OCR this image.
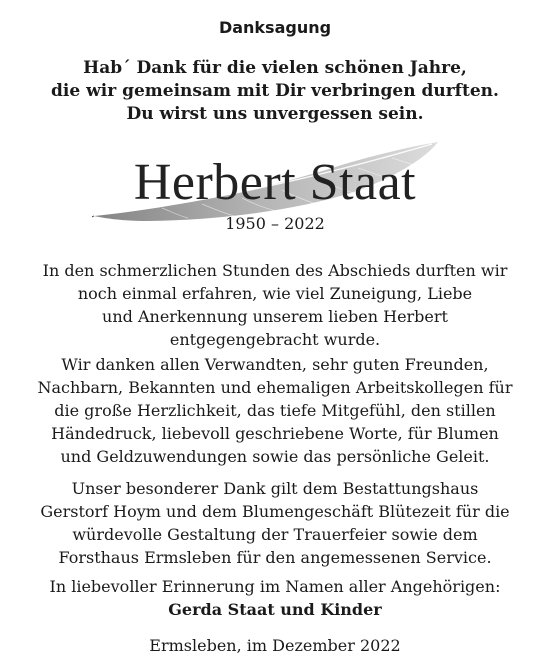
Danksagung
Hab´ Dank für die vielen schönen Jahre,
die wir gemeinsam mit Dir verbringen durften.
Du wirst uns unvergessen sein.
Herbert Staat
1950 – 2022
In den schmerzlichen Stunden des Abschieds durften wir
noch einmal erfahren, wie viel Zuneigung, Liebe
und Anerkennung unserem lieben Herbert
entgegengebracht wurde.
Wir danken allen Verwandten, sehr guten Freunden,
Nachbarn, Bekannten und ehemaligen Arbeitskollegen für
die große Herzlichkeit, das tiefe Mitgefühl, den stillen
Händedruck, liebevoll geschriebene Worte, für Blumen
und Geldzuwendungen sowie das persönliche Geleit.
Unser besonderer Dank gilt dem Bestattungshaus
Gerstorf Hoym und dem Blumengeschäft Blütezeit für die
würdevolle Gestaltung der Trauerfeier sowie dem
Forsthaus Ermsleben für den angemessenen Service.
In liebevoller Erinnerung im Namen aller Angehörigen:
Gerda Staat und Kinder
Ermsleben, im Dezember 2022
